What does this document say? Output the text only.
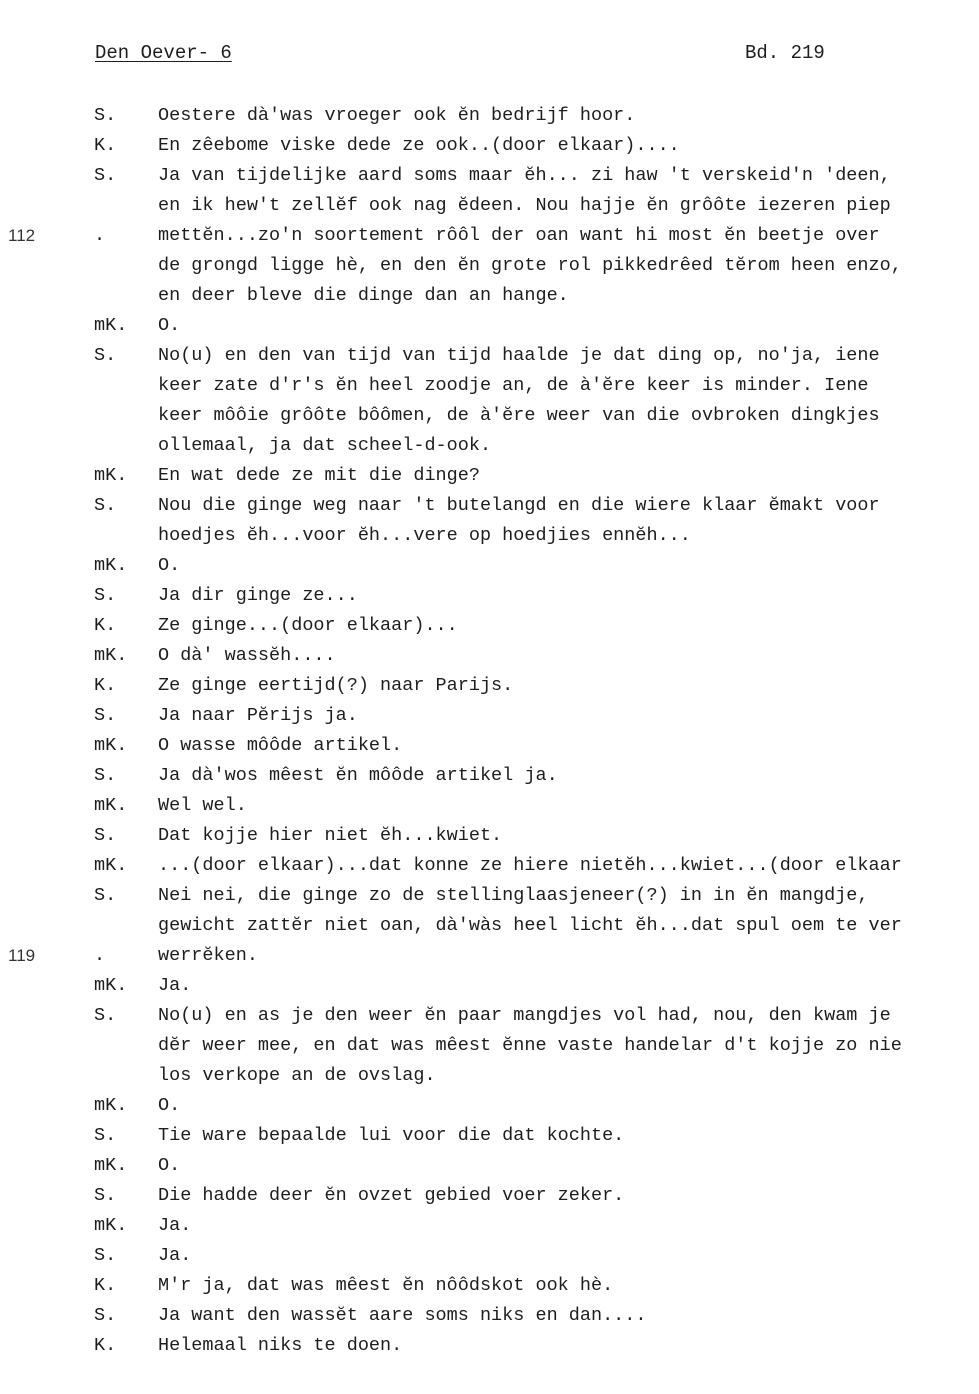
Den Oever- 6	Bd. 219
S.	Oestere dà'was vroeger ook ĕn bedrijf hoor.
K.	En zêebome viske dede ze ook..(door elkaar)....
S.	Ja van tijdelijke aard soms maar ĕh... zi haw 't verskeid'n 'deen,
en ik hew't zellĕf ook nag ĕdeen. Nou hajje ĕn grôôte iezeren piep
112	.	mettĕn...zo'n soortement rôôl der oan want hi most ĕn beetje over
de grongd ligge hè, en den ĕn grote rol pikkedrêed tĕrom heen enzo,
en deer bleve die dinge dan an hange.
mK.	O.
S.	No(u) en den van tijd van tijd haalde je dat ding op, no'ja, iene
keer zate d'r's ĕn heel zoodje an, de à'ĕre keer is minder. Iene
keer môôie grôôte bôômen, de à'ĕre weer van die ovbroken dingkjes
ollemaal, ja dat scheel-d-ook.
mK.	En wat dede ze mit die dinge?
S.	Nou die ginge weg naar 't butelangd en die wiere klaar ĕmakt voor
hoedjes ĕh...voor ĕh...vere op hoedjies ennĕh...
mK.	O.
S.	Ja dir ginge ze...
K.	Ze ginge...(door elkaar)...
mK.	O dà' wassĕh....
K.	Ze ginge eertijd(?) naar Parijs.
S.	Ja naar Pĕrijs ja.
mK.	O wasse môôde artikel.
S.	Ja dà'wos mêest ĕn môôde artikel ja.
mK.	Wel wel.
S.	Dat kojje hier niet ĕh...kwiet.
mK.	...(door elkaar)...dat konne ze hiere nietĕh...kwiet...(door elkaar
S.	Nei nei, die ginge zo de stellinglaasjeneer(?) in in ĕn mangdje,
gewicht zattĕr niet oan, dà'wàs heel licht ĕh...dat spul oem te ver
119	.	werrĕken.
mK.	Ja.
S.	No(u) en as je den weer ĕn paar mangdjes vol had, nou, den kwam je
dĕr weer mee, en dat was mêest ĕnne vaste handelar d't kojje zo nie
los verkope an de ovslag.
mK.	O.
S.	Tie ware bepaalde lui voor die dat kochte.
mK.	O.
S.	Die hadde deer ĕn ovzet gebied voer zeker.
mK.	Ja.
S.	Ja.
K.	M'r ja, dat was mêest ĕn nôôdskot ook hè.
S.	Ja want den wassĕt aare soms niks en dan....
K.	Helemaal niks te doen.
